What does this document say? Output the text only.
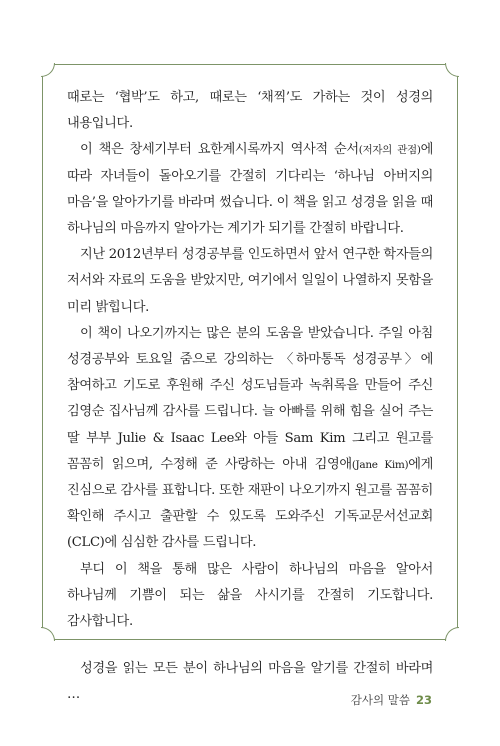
때로는 ‘협박’도 하고, 때로는 ‘채찍’도 가하는 것이 성경의 내용입니다.

이 책은 창세기부터 요한계시록까지 역사적 순서(저자의 관점)에 따라 자녀들이 돌아오기를 간절히 기다리는 ‘하나님 아버지의 마음’을 알아가기를 바라며 썼습니다. 이 책을 읽고 성경을 읽을 때 하나님의 마음까지 알아가는 계기가 되기를 간절히 바랍니다.

지난 2012년부터 성경공부를 인도하면서 앞서 연구한 학자들의 저서와 자료의 도움을 받았지만, 여기에서 일일이 나열하지 못함을 미리 밝힙니다.

이 책이 나오기까지는 많은 분의 도움을 받았습니다. 주일 아침 성경공부와 토요일 줌으로 강의하는 〈하마통독 성경공부〉에 참여하고 기도로 후원해 주신 성도님들과 녹취록을 만들어 주신 김영순 집사님께 감사를 드립니다. 늘 아빠를 위해 힘을 실어 주는 딸 부부 Julie & Isaac Lee와 아들 Sam Kim 그리고 원고를 꼼꼼히 읽으며, 수정해 준 사랑하는 아내 김영애(Jane Kim)에게 진심으로 감사를 표합니다. 또한 재판이 나오기까지 원고를 꼼꼼히 확인해 주시고 출판할 수 있도록 도와주신 기독교문서선교회(CLC)에 심심한 감사를 드립니다.

부디 이 책을 통해 많은 사람이 하나님의 마음을 알아서 하나님께 기쁨이 되는 삶을 사시기를 간절히 기도합니다. 감사합니다.

성경을 읽는 모든 분이 하나님의 마음을 알기를 간절히 바라며 …	감사의 말씀 23
